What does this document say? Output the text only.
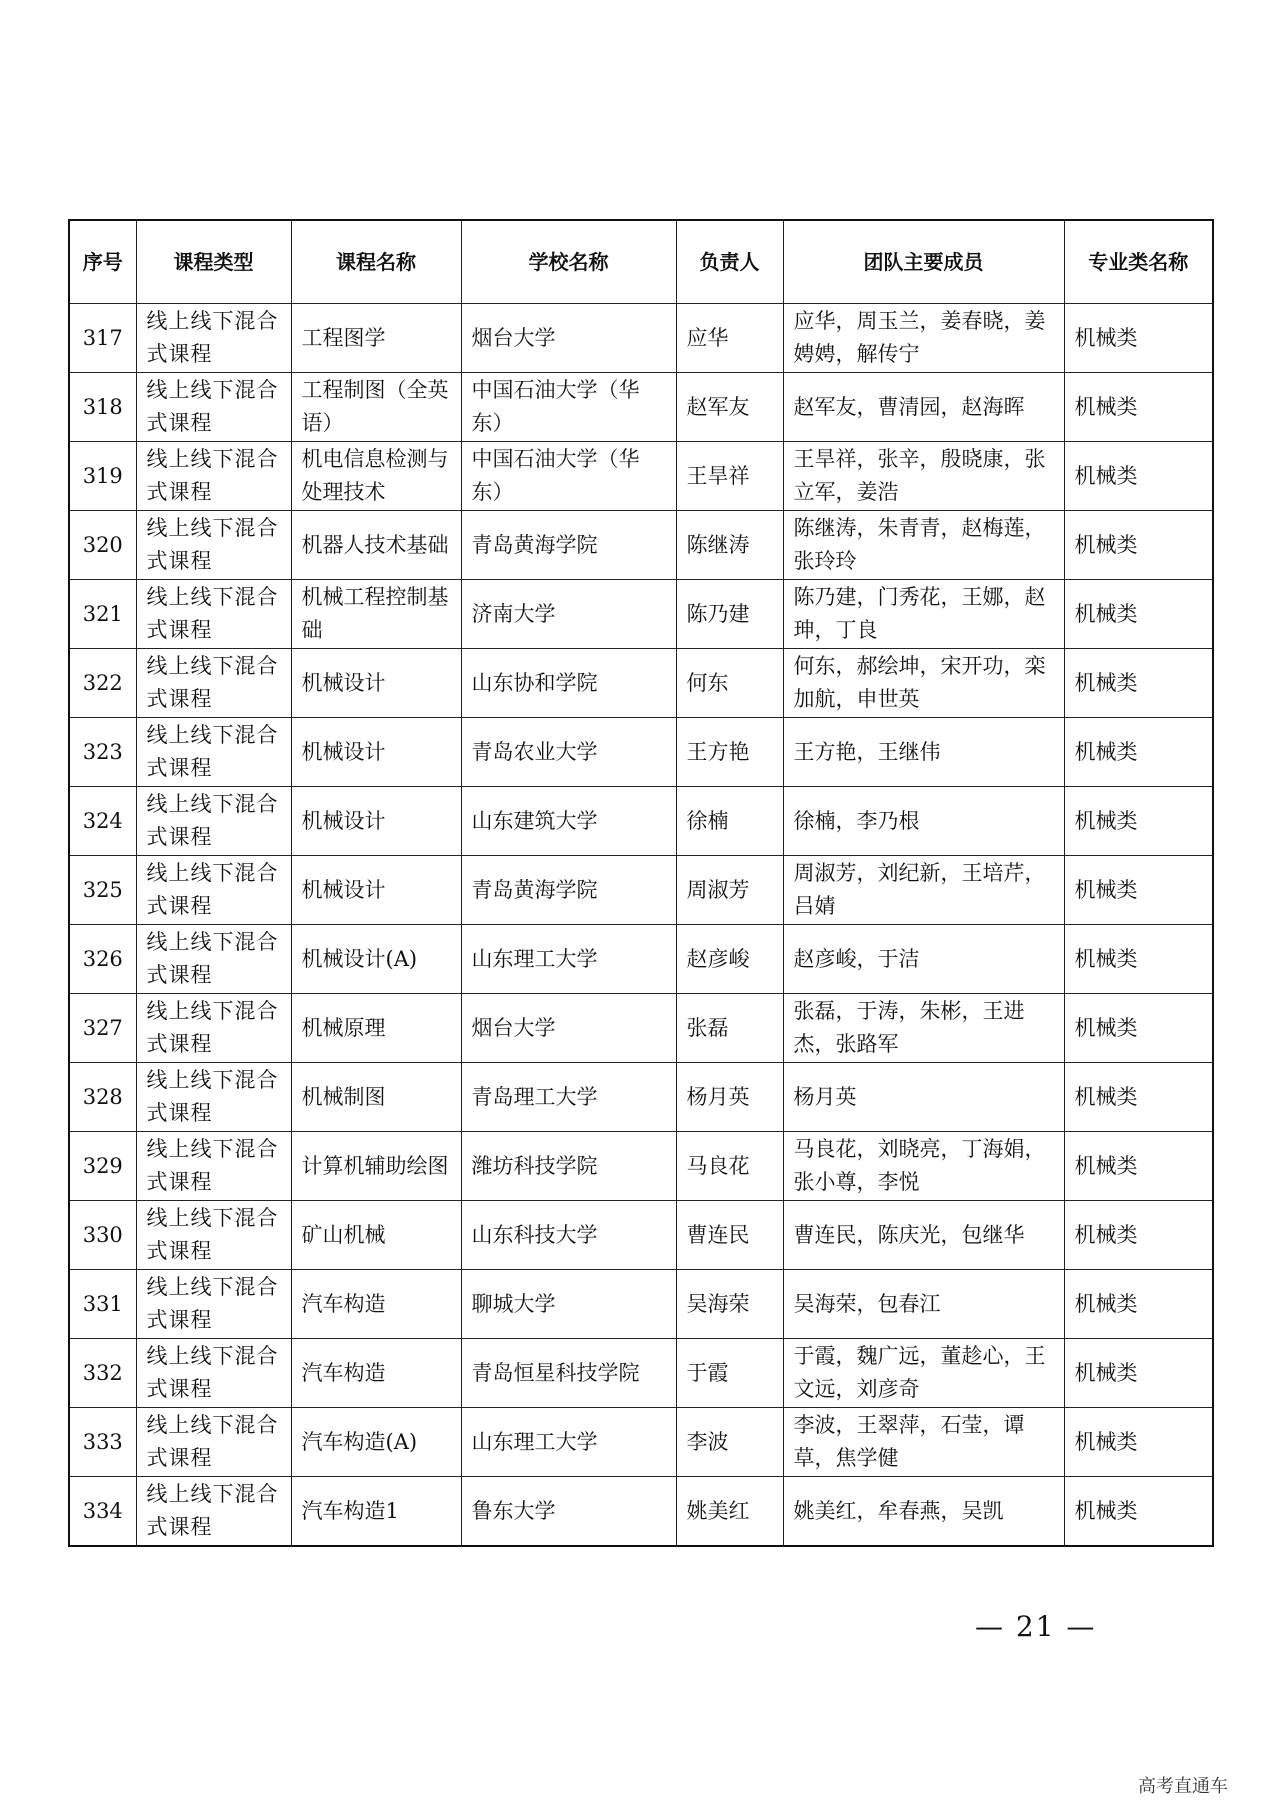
序号	课程类型	课程名称	学校名称	负责人	团队主要成员	专业类名称
317	线上线下混合式课程	工程图学	烟台大学	应华	应华，周玉兰，姜春晓，姜娉娉，解传宁	机械类
318	线上线下混合式课程	工程制图（全英语）	中国石油大学（华东）	赵军友	赵军友，曹清园，赵海晖	机械类
319	线上线下混合式课程	机电信息检测与处理技术	中国石油大学（华东）	王旱祥	王旱祥，张辛，殷晓康，张立军，姜浩	机械类
320	线上线下混合式课程	机器人技术基础	青岛黄海学院	陈继涛	陈继涛，朱青青，赵梅莲，张玲玲	机械类
321	线上线下混合式课程	机械工程控制基础	济南大学	陈乃建	陈乃建，门秀花，王娜，赵珅，丁良	机械类
322	线上线下混合式课程	机械设计	山东协和学院	何东	何东，郝绘坤，宋开功，栾加航，申世英	机械类
323	线上线下混合式课程	机械设计	青岛农业大学	王方艳	王方艳，王继伟	机械类
324	线上线下混合式课程	机械设计	山东建筑大学	徐楠	徐楠，李乃根	机械类
325	线上线下混合式课程	机械设计	青岛黄海学院	周淑芳	周淑芳，刘纪新，王培芹，吕婧	机械类
326	线上线下混合式课程	机械设计(A)	山东理工大学	赵彦峻	赵彦峻，于洁	机械类
327	线上线下混合式课程	机械原理	烟台大学	张磊	张磊，于涛，朱彬，王进杰，张路军	机械类
328	线上线下混合式课程	机械制图	青岛理工大学	杨月英	杨月英	机械类
329	线上线下混合式课程	计算机辅助绘图	潍坊科技学院	马良花	马良花，刘晓亮，丁海娟，张小尊，李悦	机械类
330	线上线下混合式课程	矿山机械	山东科技大学	曹连民	曹连民，陈庆光，包继华	机械类
331	线上线下混合式课程	汽车构造	聊城大学	吴海荣	吴海荣，包春江	机械类
332	线上线下混合式课程	汽车构造	青岛恒星科技学院	于霞	于霞，魏广远，董趁心，王文远，刘彦奇	机械类
333	线上线下混合式课程	汽车构造(A)	山东理工大学	李波	李波，王翠萍，石莹，谭草，焦学健	机械类
334	线上线下混合式课程	汽车构造1	鲁东大学	姚美红	姚美红，牟春燕，吴凯	机械类
— 21 —
高考直通车
